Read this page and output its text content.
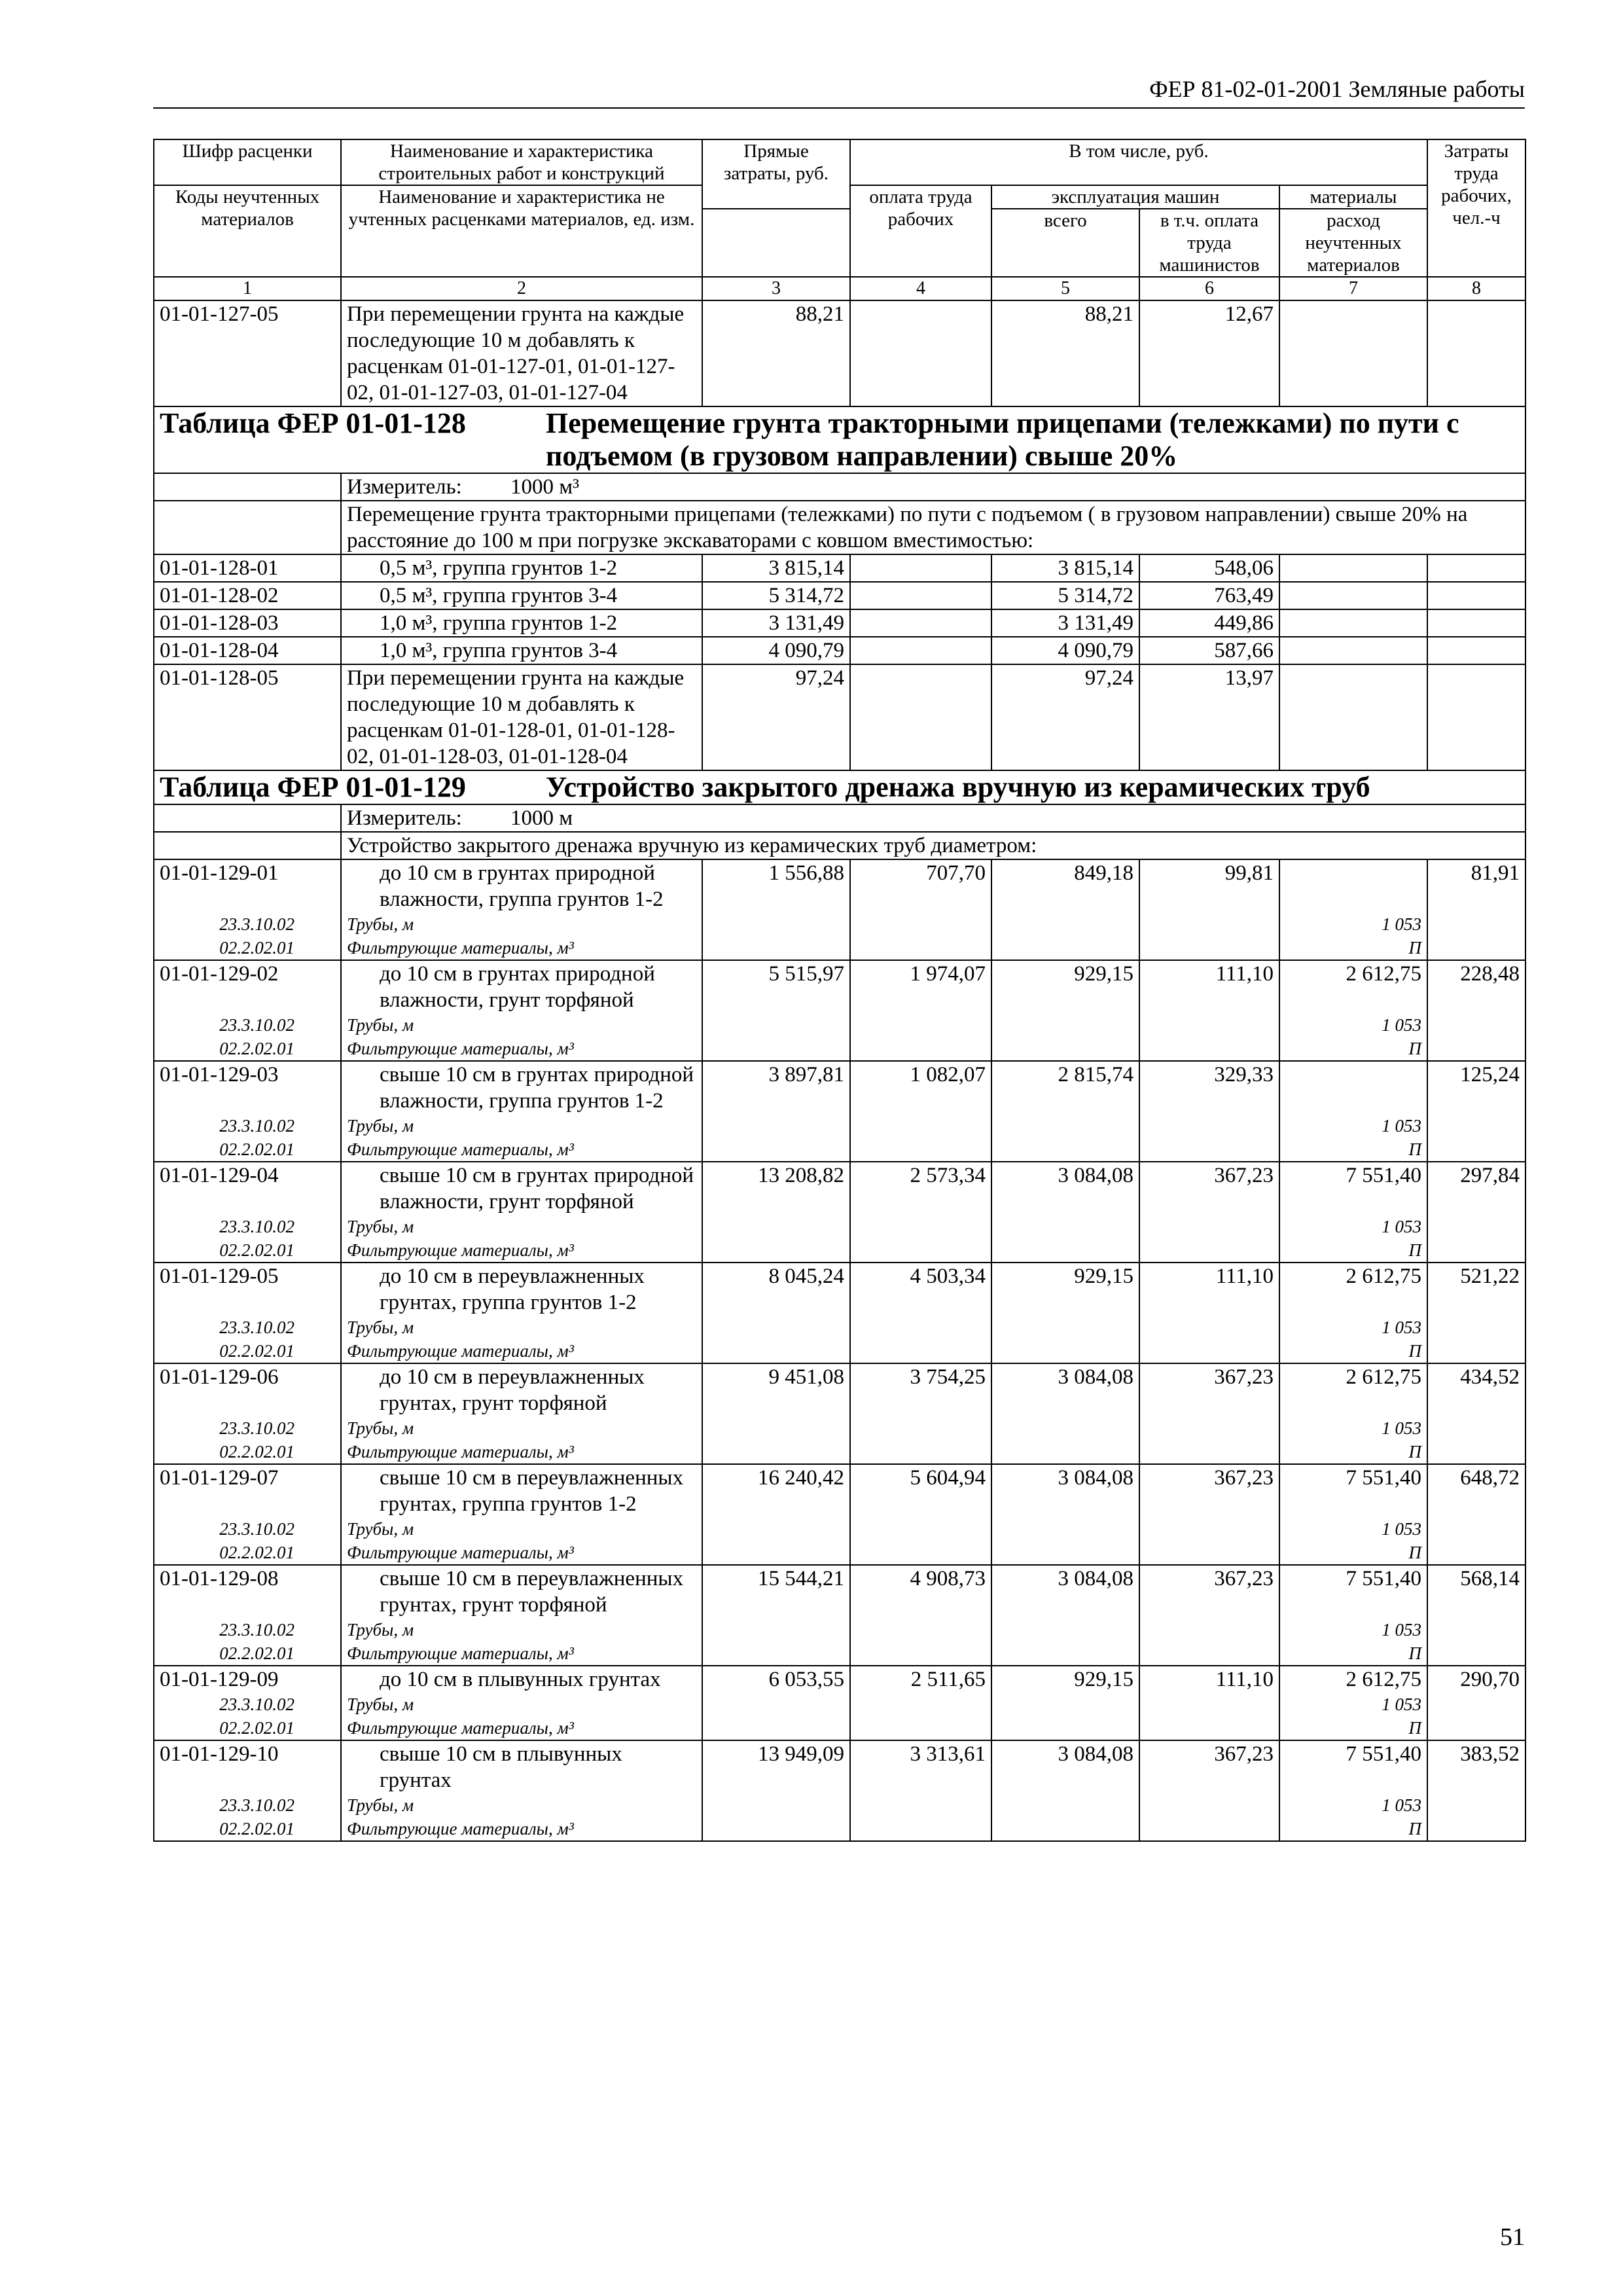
ФЕР 81-02-01-2001 Земляные работы
Шифр расценки	Наименование и характеристика строительных работ и конструкций	Прямые затраты, руб.	В том числе, руб.				Затраты труда рабочих, чел.-ч
Коды неучтенных материалов	Наименование и характеристика не учтенных расценками материалов, ед. изм.						
			оплата труда рабочих	эксплуатация машин		материалы	
				всего	в т.ч. оплата труда машинистов	расход неучтенных материалов	
1	2	3	4	5	6	7	8
01-01-127-05	При перемещении грунта на каждые последующие 10 м добавлять к расценкам 01-01-127-01, 01-01-127-02, 01-01-127-03, 01-01-127-04	88,21		88,21	12,67		

Таблица ФЕР 01-01-128 Перемещение грунта тракторными прицепами (тележками) по пути с подъемом (в грузовом направлении) свыше 20%							

	Измеритель: 1000 м³						
	Перемещение грунта тракторными прицепами (тележками) по пути с подъемом ( в грузовом направлении) свыше 20% на расстояние до 100 м при погрузке экскаваторами с ковшом вместимостью:						
01-01-128-01	0,5 м³, группа грунтов 1-2	3 815,14		3 815,14	548,06		
01-01-128-02	0,5 м³, группа грунтов 3-4	5 314,72		5 314,72	763,49		
01-01-128-03	1,0 м³, группа грунтов 1-2	3 131,49		3 131,49	449,86		
01-01-128-04	1,0 м³, группа грунтов 3-4	4 090,79		4 090,79	587,66		
01-01-128-05	При перемещении грунта на каждые последующие 10 м добавлять к расценкам 01-01-128-01, 01-01-128-02, 01-01-128-03, 01-01-128-04	97,24		97,24	13,97		

Таблица ФЕР 01-01-129 Устройство закрытого дренажа вручную из керамических труб							

	Измеритель: 1000 м						
	Устройство закрытого дренажа вручную из керамических труб диаметром:						
01-01-129-01	до 10 см в грунтах природной влажности, группа грунтов 1-2	1 556,88	707,70	849,18	99,81		81,91
23.3.10.02	Трубы, м					1 053	
02.2.02.01	Фильтрующие материалы, м³					П	
01-01-129-02	до 10 см в грунтах природной влажности, грунт торфяной	5 515,97	1 974,07	929,15	111,10	2 612,75	228,48
23.3.10.02	Трубы, м					1 053	
02.2.02.01	Фильтрующие материалы, м³					П	
01-01-129-03	свыше 10 см в грунтах природной влажности, группа грунтов 1-2	3 897,81	1 082,07	2 815,74	329,33		125,24
23.3.10.02	Трубы, м					1 053	
02.2.02.01	Фильтрующие материалы, м³					П	
01-01-129-04	свыше 10 см в грунтах природной влажности, грунт торфяной	13 208,82	2 573,34	3 084,08	367,23	7 551,40	297,84
23.3.10.02	Трубы, м					1 053	
02.2.02.01	Фильтрующие материалы, м³					П	
01-01-129-05	до 10 см в переувлажненных грунтах, группа грунтов 1-2	8 045,24	4 503,34	929,15	111,10	2 612,75	521,22
23.3.10.02	Трубы, м					1 053	
02.2.02.01	Фильтрующие материалы, м³					П	
01-01-129-06	до 10 см в переувлажненных грунтах, грунт торфяной	9 451,08	3 754,25	3 084,08	367,23	2 612,75	434,52
23.3.10.02	Трубы, м					1 053	
02.2.02.01	Фильтрующие материалы, м³					П	
01-01-129-07	свыше 10 см в переувлажненных грунтах, группа грунтов 1-2	16 240,42	5 604,94	3 084,08	367,23	7 551,40	648,72
23.3.10.02	Трубы, м					1 053	
02.2.02.01	Фильтрующие материалы, м³					П	
01-01-129-08	свыше 10 см в переувлажненных грунтах, грунт торфяной	15 544,21	4 908,73	3 084,08	367,23	7 551,40	568,14
23.3.10.02	Трубы, м					1 053	
02.2.02.01	Фильтрующие материалы, м³					П	
01-01-129-09	до 10 см в плывунных грунтах	6 053,55	2 511,65	929,15	111,10	2 612,75	290,70
23.3.10.02	Трубы, м					1 053	
02.2.02.01	Фильтрующие материалы, м³					П	
01-01-129-10	свыше 10 см в плывунных грунтах	13 949,09	3 313,61	3 084,08	367,23	7 551,40	383,52
23.3.10.02	Трубы, м					1 053	
02.2.02.01	Фильтрующие материалы, м³					П	
51
